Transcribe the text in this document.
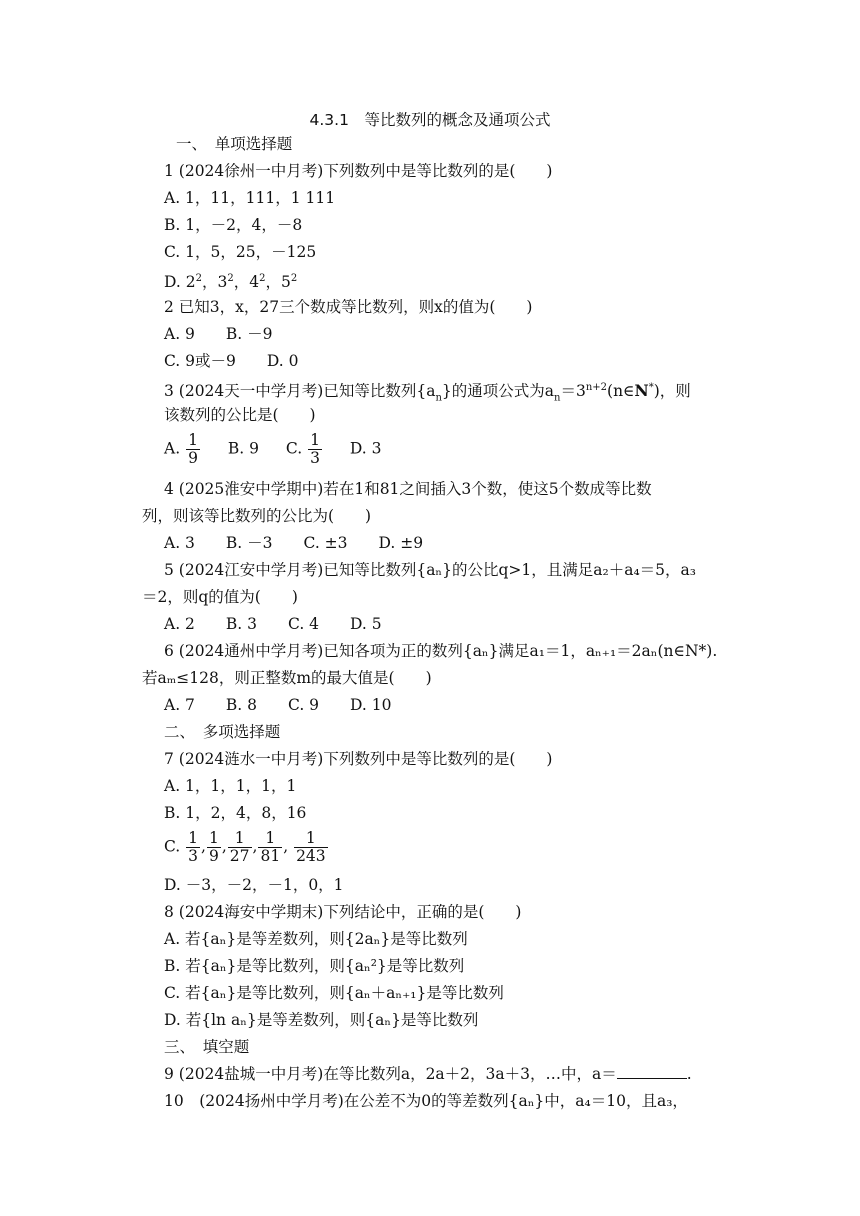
4.3.1　等比数列的概念及通项公式
一、　单项选择题
1 (2024徐州一中月考)下列数列中是等比数列的是(　　)
A. 1，11，111，1 111
B. 1，－2，4，－8
C. 1，5，25，－125
D. $2^2$，$3^2$，$4^2$，$5^2$
2 已知3，x，27三个数成等比数列，则x的值为(　　)
A. 9　　B. －9
C. 9或－9　　D. 0
3 (2024天一中学月考)已知等比数列$\{a_n\}$的通项公式为$a_n=3^{n+2}(n\in N^*)$，则
该数列的公比是(　　)
A. $\frac{1}{9} B$. 9 C. $\frac{1}{3} D$. 3
4 (2025淮安中学期中)若在1和81之间插入3个数，使这5个数成等比数
列，则该等比数列的公比为(　　)
A. 3　　B. －3　　C. ±3　　D. ±9
5 (2024江安中学月考)已知等比数列{aₙ}的公比q>1，且满足a₂＋a₄＝5，a₃
＝2，则q的值为(　　)
A. 2　　B. 3　　C. 4　　D. 5
6 (2024通州中学月考)已知各项为正的数列{aₙ}满足a₁＝1，aₙ₊₁＝2aₙ(n∈N*).
若aₘ≤128，则正整数m的最大值是(　　)
A. 7　　B. 8　　C. 9　　D. 10
二、　多项选择题
7 (2024涟水一中月考)下列数列中是等比数列的是(　　)
A. 1，1，1，1，1
B. 1，2，4，8，16
C. $\frac{1}{3}$ , $\frac{1}{9}$ , $\frac{1}{27}$ , $\frac{1}{81}$ , $\frac{1}{243}$
D. －3，－2，－1，0，1
8 (2024海安中学期末)下列结论中，正确的是(　　)
A. 若{aₙ}是等差数列，则{2aₙ}是等比数列
B. 若{aₙ}是等比数列，则{aₙ²}是等比数列
C. 若{aₙ}是等比数列，则{aₙ＋aₙ₊₁}是等比数列
D. 若{ln aₙ}是等差数列，则{aₙ}是等比数列
三、　填空题
9 (2024盐城一中月考)在等比数列a，2a＋2，3a＋3，…中，a＝	.
10　(2024扬州中学月考)在公差不为0的等差数列{aₙ}中，a₄＝10，且a₃，
